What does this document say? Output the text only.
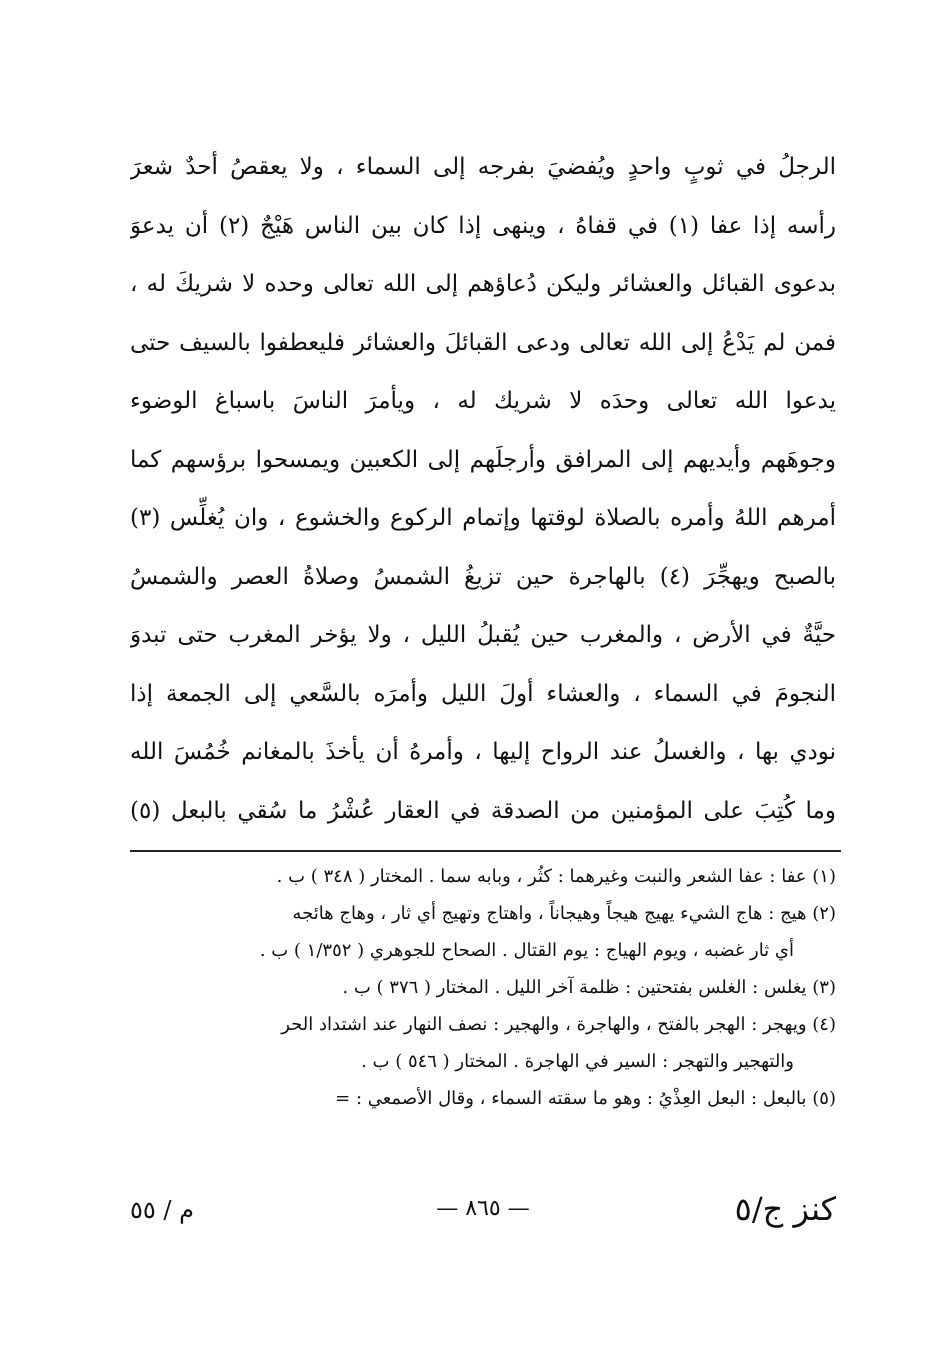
الرجلُ في ثوبٍ واحدٍ ويُفضيَ بفرجه إلى السماء ، ولا يعقصُ أحدٌ شعرَ
رأسه إذا عفا (١) في قفاهُ ، وينهى إذا كان بين الناس هَيْجٌ (٢) أن يدعوَ
بدعوى القبائل والعشائر وليكن دُعاؤهم إلى الله تعالى وحده لا شريكَ له ،
فمن لم يَدْعُ إلى الله تعالى ودعى القبائلَ والعشائر فليعطفوا بالسيف حتى
يدعوا الله تعالى وحدَه لا شريك له ، ويأمرَ الناسَ باسباغ الوضوء
وجوهَهم وأيديهم إلى المرافق وأرجلَهم إلى الكعبين ويمسحوا برؤسهم كما
أمرهم اللهُ وأمره بالصلاة لوقتها وإتمام الركوع والخشوع ، وان يُغلِّس (٣)
بالصبح ويهجِّرَ (٤) بالهاجرة حين تزيغُ الشمسُ وصلاةُ العصر والشمسُ
حيَّةٌ في الأرض ، والمغرب حين يُقبلُ الليل ، ولا يؤخر المغرب حتى تبدوَ
النجومَ في السماء ، والعشاء أولَ الليل وأمرَه بالسَّعي إلى الجمعة إذا
نودي بها ، والغسلُ عند الرواح إليها ، وأمرهُ أن يأخذَ بالمغانم خُمُسَ الله
وما كُتِبَ على المؤمنين من الصدقة في العقار عُشْرُ ما سُقي بالبعل (٥)
(١) عفا : عفا الشعر والنبت وغيرهما : كثُر ، وبابه سما . المختار ( ٣٤٨ ) ب .
(٢) هيج : هاج الشيء يهيج هيجاً وهيجاناً ، واهتاج وتهيج أي ثار ، وهاج هائجه
أي ثار غضبه ، ويوم الهياج : يوم القتال . الصحاح للجوهري ( ١/٣٥٢ ) ب .
(٣) يغلس : الغلس بفتحتين : ظلمة آخر الليل . المختار ( ٣٧٦ ) ب .
(٤) ويهجر : الهجر بالفتح ، والهاجرة ، والهجير : نصف النهار عند اشتداد الحر
والتهجير والتهجر : السير في الهاجرة . المختار ( ٥٤٦ ) ب .
(٥) بالبعل : البعل العِذْيُ : وهو ما سقته السماء ، وقال الأصمعي : =
كنز ج/٥
— ٨٦٥ —
م / ٥٥
